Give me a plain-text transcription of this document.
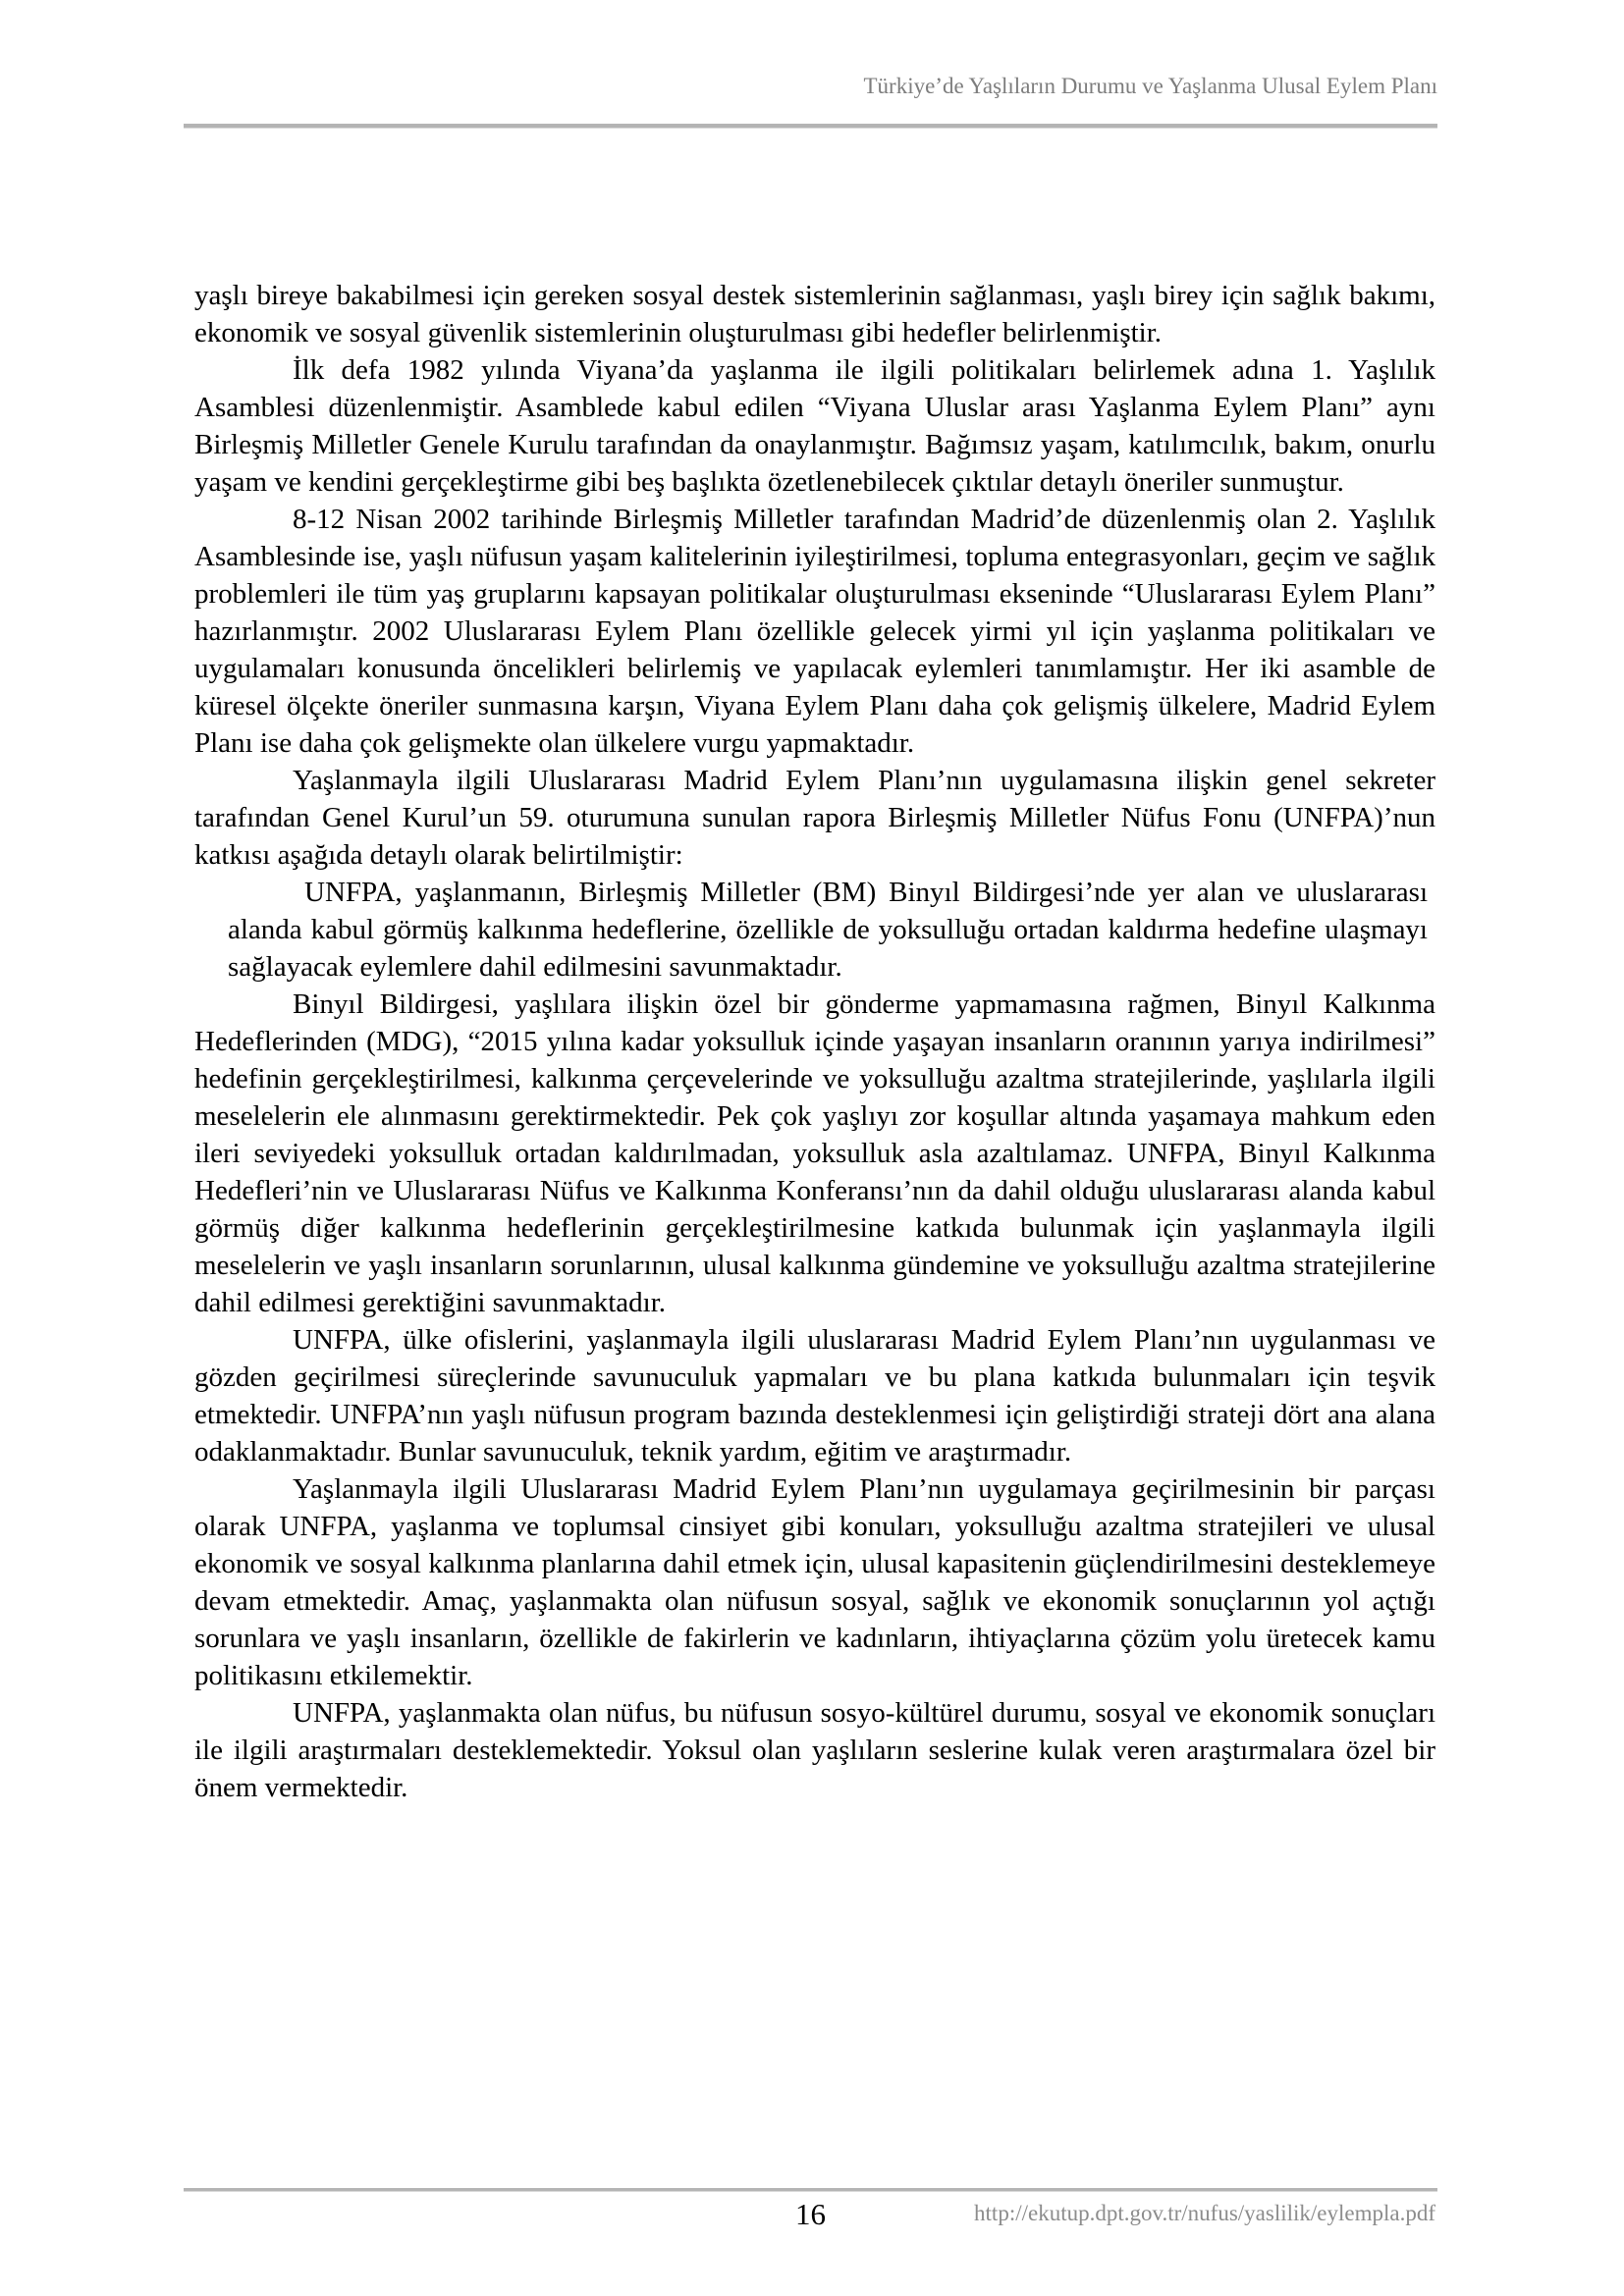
Türkiye’de Yaşlıların Durumu ve Yaşlanma Ulusal Eylem Planı

yaşlı bireye bakabilmesi için gereken sosyal destek sistemlerinin sağlanması, yaşlı birey için sağlık bakımı, ekonomik ve sosyal güvenlik sistemlerinin oluşturulması gibi hedefler belirlenmiştir.

İlk defa 1982 yılında Viyana’da yaşlanma ile ilgili politikaları belirlemek adına 1. Yaşlılık Asamblesi düzenlenmiştir. Asamblede kabul edilen “Viyana Uluslar arası Yaşlanma Eylem Planı” aynı Birleşmiş Milletler Genele Kurulu tarafından da onaylanmıştır. Bağımsız yaşam, katılımcılık, bakım, onurlu yaşam ve kendini gerçekleştirme gibi beş başlıkta özetlenebilecek çıktılar detaylı öneriler sunmuştur.

8-12 Nisan 2002 tarihinde Birleşmiş Milletler tarafından Madrid’de düzenlenmiş olan 2. Yaşlılık Asamblesinde ise, yaşlı nüfusun yaşam kalitelerinin iyileştirilmesi, topluma entegrasyonları, geçim ve sağlık problemleri ile tüm yaş gruplarını kapsayan politikalar oluşturulması ekseninde “Uluslararası Eylem Planı” hazırlanmıştır. 2002 Uluslararası Eylem Planı özellikle gelecek yirmi yıl için yaşlanma politikaları ve uygulamaları konusunda öncelikleri belirlemiş ve yapılacak eylemleri tanımlamıştır. Her iki asamble de küresel ölçekte öneriler sunmasına karşın, Viyana Eylem Planı daha çok gelişmiş ülkelere, Madrid Eylem Planı ise daha çok gelişmekte olan ülkelere vurgu yapmaktadır.

Yaşlanmayla ilgili Uluslararası Madrid Eylem Planı’nın uygulamasına ilişkin genel sekreter tarafından Genel Kurul’un 59. oturumuna sunulan rapora Birleşmiş Milletler Nüfus Fonu (UNFPA)’nun katkısı aşağıda detaylı olarak belirtilmiştir:

UNFPA, yaşlanmanın, Birleşmiş Milletler (BM) Binyıl Bildirgesi’nde yer alan ve uluslararası alanda kabul görmüş kalkınma hedeflerine, özellikle de yoksulluğu ortadan kaldırma hedefine ulaşmayı sağlayacak eylemlere dahil edilmesini savunmaktadır.

Binyıl Bildirgesi, yaşlılara ilişkin özel bir gönderme yapmamasına rağmen, Binyıl Kalkınma Hedeflerinden (MDG), “2015 yılına kadar yoksulluk içinde yaşayan insanların oranının yarıya indirilmesi” hedefinin gerçekleştirilmesi, kalkınma çerçevelerinde ve yoksulluğu azaltma stratejilerinde, yaşlılarla ilgili meselelerin ele alınmasını gerektirmektedir. Pek çok yaşlıyı zor koşullar altında yaşamaya mahkum eden ileri seviyedeki yoksulluk ortadan kaldırılmadan, yoksulluk asla azaltılamaz. UNFPA, Binyıl Kalkınma Hedefleri’nin ve Uluslararası Nüfus ve Kalkınma Konferansı’nın da dahil olduğu uluslararası alanda kabul görmüş diğer kalkınma hedeflerinin gerçekleştirilmesine katkıda bulunmak için yaşlanmayla ilgili meselelerin ve yaşlı insanların sorunlarının, ulusal kalkınma gündemine ve yoksulluğu azaltma stratejilerine dahil edilmesi gerektiğini savunmaktadır.

UNFPA, ülke ofislerini, yaşlanmayla ilgili uluslararası Madrid Eylem Planı’nın uygulanması ve gözden geçirilmesi süreçlerinde savunuculuk yapmaları ve bu plana katkıda bulunmaları için teşvik etmektedir. UNFPA’nın yaşlı nüfusun program bazında desteklenmesi için geliştirdiği strateji dört ana alana odaklanmaktadır. Bunlar savunuculuk, teknik yardım, eğitim ve araştırmadır.

Yaşlanmayla ilgili Uluslararası Madrid Eylem Planı’nın uygulamaya geçirilmesinin bir parçası olarak UNFPA, yaşlanma ve toplumsal cinsiyet gibi konuları, yoksulluğu azaltma stratejileri ve ulusal ekonomik ve sosyal kalkınma planlarına dahil etmek için, ulusal kapasitenin güçlendirilmesini desteklemeye devam etmektedir. Amaç, yaşlanmakta olan nüfusun sosyal, sağlık ve ekonomik sonuçlarının yol açtığı sorunlara ve yaşlı insanların, özellikle de fakirlerin ve kadınların, ihtiyaçlarına çözüm yolu üretecek kamu politikasını etkilemektir.

UNFPA, yaşlanmakta olan nüfus, bu nüfusun sosyo-kültürel durumu, sosyal ve ekonomik sonuçları ile ilgili araştırmaları desteklemektedir. Yoksul olan yaşlıların seslerine kulak veren araştırmalara özel bir önem vermektedir.

16	http://ekutup.dpt.gov.tr/nufus/yaslilik/eylempla.pdf
